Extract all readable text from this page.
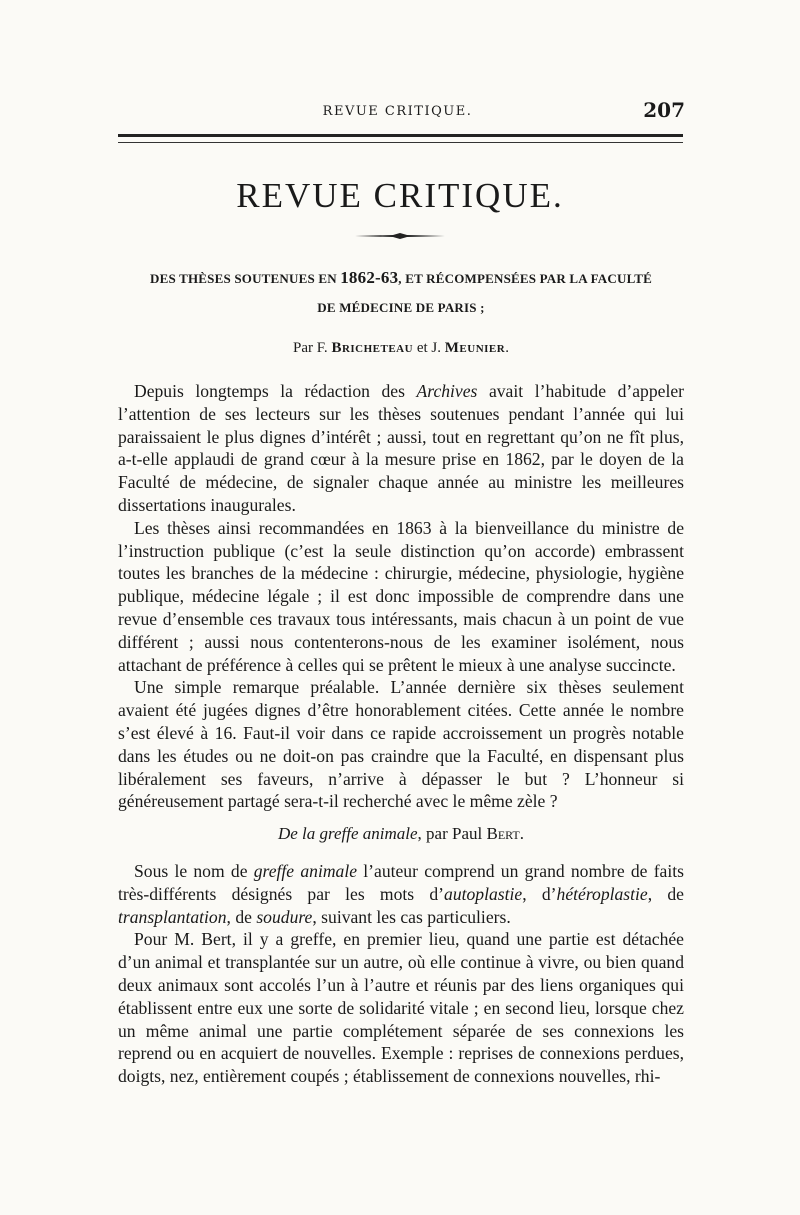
REVUE CRITIQUE.	207
REVUE CRITIQUE.
DES THÈSES SOUTENUES EN 1862-63, ET RÉCOMPENSÉES PAR LA FACULTÉ
DE MÉDECINE DE PARIS ;
Par F. Bricheteau et J. Meunier.

Depuis longtemps la rédaction des Archives avait l’habitude d’appeler l’attention de ses lecteurs sur les thèses soutenues pendant l’année qui lui paraissaient le plus dignes d’intérêt ; aussi, tout en regrettant qu’on ne fît plus, a-t-elle applaudi de grand cœur à la mesure prise en 1862, par le doyen de la Faculté de médecine, de signaler chaque année au ministre les meilleures dissertations inaugurales.

Les thèses ainsi recommandées en 1863 à la bienveillance du ministre de l’instruction publique (c’est la seule distinction qu’on accorde) embrassent toutes les branches de la médecine : chirurgie, médecine, physiologie, hygiène publique, médecine légale ; il est donc impossible de comprendre dans une revue d’ensemble ces travaux tous intéressants, mais chacun à un point de vue différent ; aussi nous contenterons-nous de les examiner isolément, nous attachant de préférence à celles qui se prêtent le mieux à une analyse succincte.

Une simple remarque préalable. L’année dernière six thèses seulement avaient été jugées dignes d’être honorablement citées. Cette année le nombre s’est élevé à 16. Faut-il voir dans ce rapide accroissement un progrès notable dans les études ou ne doit-on pas craindre que la Faculté, en dispensant plus libéralement ses faveurs, n’arrive à dépasser le but ? L’honneur si généreusement partagé sera-t-il recherché avec le même zèle ?

De la greffe animale, par Paul Bert.

Sous le nom de greffe animale l’auteur comprend un grand nombre de faits très-différents désignés par les mots d’autoplastie, d’hétéroplastie, de transplantation, de soudure, suivant les cas particuliers.

Pour M. Bert, il y a greffe, en premier lieu, quand une partie est détachée d’un animal et transplantée sur un autre, où elle continue à vivre, ou bien quand deux animaux sont accolés l’un à l’autre et réunis par des liens organiques qui établissent entre eux une sorte de solidarité vitale ; en second lieu, lorsque chez un même animal une partie complétement séparée de ses connexions les reprend ou en acquiert de nouvelles. Exemple : reprises de connexions perdues, doigts, nez, entièrement coupés ; établissement de connexions nouvelles, rhi-
